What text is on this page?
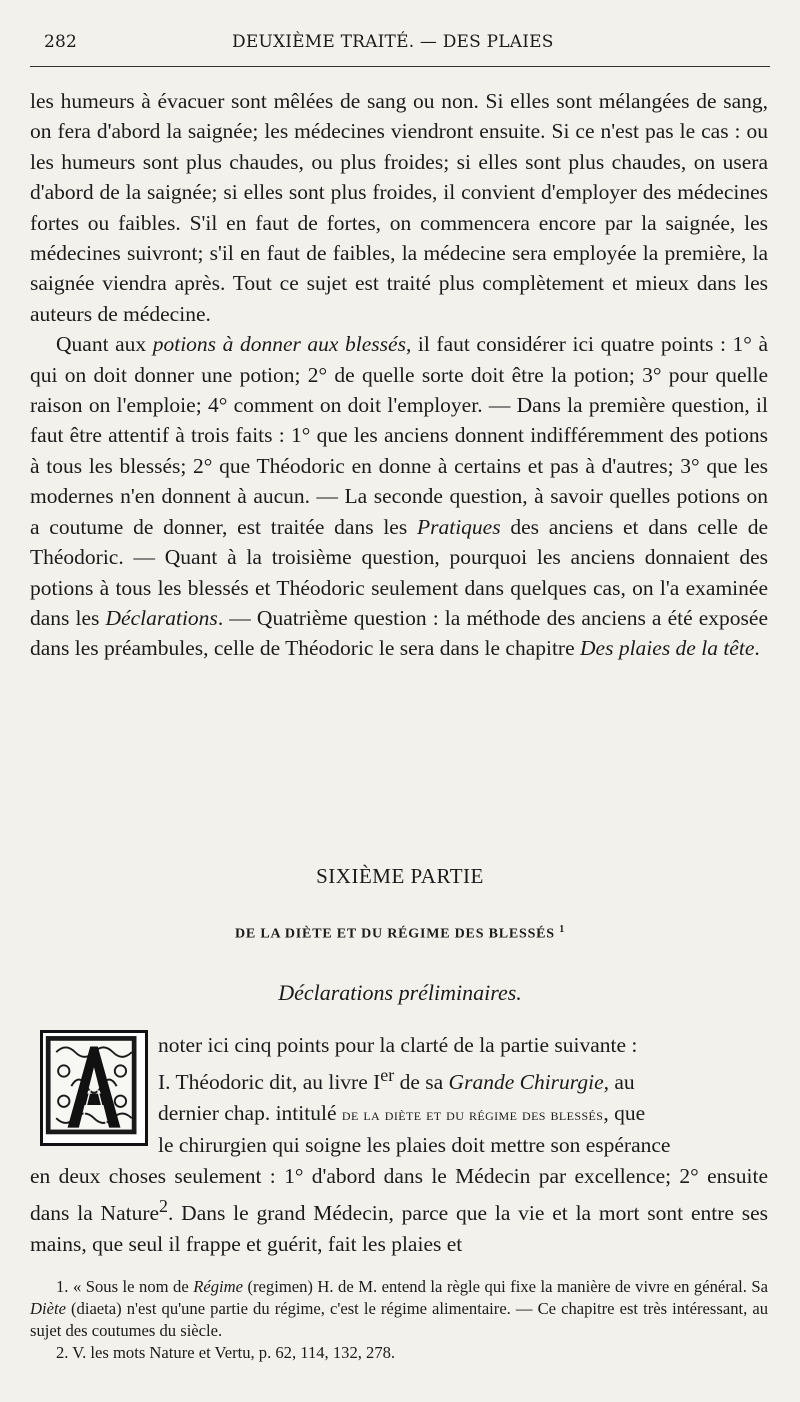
282	DEUXIÈME TRAITÉ. — DES PLAIES

les humeurs à évacuer sont mêlées de sang ou non. Si elles sont mélangées de sang, on fera d'abord la saignée; les médecines viendront ensuite. Si ce n'est pas le cas : ou les humeurs sont plus chaudes, ou plus froides; si elles sont plus chaudes, on usera d'abord de la saignée; si elles sont plus froides, il convient d'employer des médecines fortes ou faibles. S'il en faut de fortes, on commencera encore par la saignée, les médecines suivront; s'il en faut de faibles, la médecine sera employée la première, la saignée viendra après. Tout ce sujet est traité plus complètement et mieux dans les auteurs de médecine.

Quant aux potions à donner aux blessés, il faut considérer ici quatre points : 1° à qui on doit donner une potion; 2° de quelle sorte doit être la potion; 3° pour quelle raison on l'emploie; 4° comment on doit l'employer. — Dans la première question, il faut être attentif à trois faits : 1° que les anciens donnent indifféremment des potions à tous les blessés; 2° que Théodoric en donne à certains et pas à d'autres; 3° que les modernes n'en donnent à aucun. — La seconde question, à savoir quelles potions on a coutume de donner, est traitée dans les Pratiques des anciens et dans celle de Théodoric. — Quant à la troisième question, pourquoi les anciens donnaient des potions à tous les blessés et Théodoric seulement dans quelques cas, on l'a examinée dans les Déclarations. — Quatrième question : la méthode des anciens a été exposée dans les préambules, celle de Théodoric le sera dans le chapitre Des plaies de la tête.

SIXIÈME PARTIE
DE LA DIÈTE ET DU RÉGIME DES BLESSÉS $^1$
Déclarations préliminaires.
noter ici cinq points pour la clarté de la partie suivante :
I. Théodoric dit, au livre Ier de sa Grande Chirurgie, au
dernier chap. intitulé de la diète et du régime des blessés, que
le chirurgien qui soigne les plaies doit mettre son espérance
en deux choses seulement : 1° d'abord dans le Médecin par excellence; 2° ensuite dans la Nature$^2$. Dans le grand Médecin, parce que la vie et la mort sont entre ses mains, que seul il frappe et guérit, fait les plaies et

1. « Sous le nom de Régime (regimen) H. de M. entend la règle qui fixe la manière de vivre en général. Sa Diète (diaeta) n'est qu'une partie du régime, c'est le régime alimentaire. — Ce chapitre est très intéressant, au sujet des coutumes du siècle.

2. V. les mots Nature et Vertu, p. 62, 114, 132, 278.
